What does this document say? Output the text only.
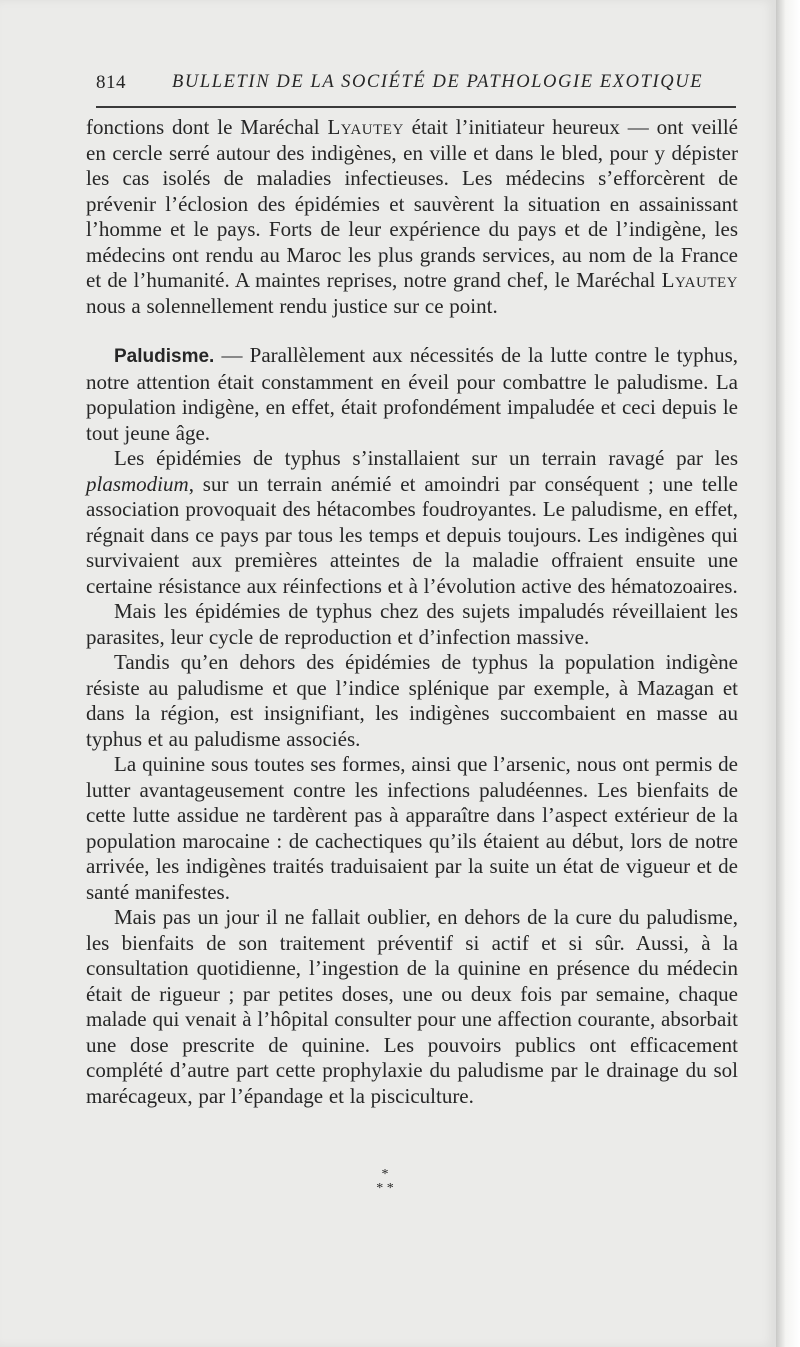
814 BULLETIN DE LA SOCIÉTÉ DE PATHOLOGIE EXOTIQUE

fonctions dont le Maréchal Lyautey était l’initiateur heureux — ont veillé en cercle serré autour des indigènes, en ville et dans le bled, pour y dépister les cas isolés de maladies infectieuses. Les médecins s’efforcèrent de prévenir l’éclosion des épidémies et sauvèrent la situation en assainissant l’homme et le pays. Forts de leur expérience du pays et de l’indigène, les médecins ont rendu au Maroc les plus grands services, au nom de la France et de l’humanité. A maintes reprises, notre grand chef, le Maréchal Lyautey nous a solennellement rendu justice sur ce point.

Paludisme. — Parallèlement aux nécessités de la lutte contre le typhus, notre attention était constamment en éveil pour combattre le paludisme. La population indigène, en effet, était profondément impaludée et ceci depuis le tout jeune âge.

Les épidémies de typhus s’installaient sur un terrain ravagé par les plasmodium, sur un terrain anémié et amoindri par conséquent ; une telle association provoquait des hétacombes foudroyantes. Le paludisme, en effet, régnait dans ce pays par tous les temps et depuis toujours. Les indigènes qui survivaient aux premières atteintes de la maladie offraient ensuite une certaine résistance aux réinfections et à l’évolution active des hématozoaires.

Mais les épidémies de typhus chez des sujets impaludés réveillaient les parasites, leur cycle de reproduction et d’infection massive.

Tandis qu’en dehors des épidémies de typhus la population indigène résiste au paludisme et que l’indice splénique par exemple, à Mazagan et dans la région, est insignifiant, les indigènes succombaient en masse au typhus et au paludisme associés.

La quinine sous toutes ses formes, ainsi que l’arsenic, nous ont permis de lutter avantageusement contre les infections paludéennes. Les bienfaits de cette lutte assidue ne tardèrent pas à apparaître dans l’aspect extérieur de la population marocaine : de cachectiques qu’ils étaient au début, lors de notre arrivée, les indigènes traités traduisaient par la suite un état de vigueur et de santé manifestes.

Mais pas un jour il ne fallait oublier, en dehors de la cure du paludisme, les bienfaits de son traitement préventif si actif et si sûr. Aussi, à la consultation quotidienne, l’ingestion de la quinine en présence du médecin était de rigueur ; par petites doses, une ou deux fois par semaine, chaque malade qui venait à l’hôpital consulter pour une affection courante, absorbait une dose prescrite de quinine. Les pouvoirs publics ont efficacement complété d’autre part cette prophylaxie du paludisme par le drainage du sol marécageux, par l’épandage et la pisciculture.

*
* *
